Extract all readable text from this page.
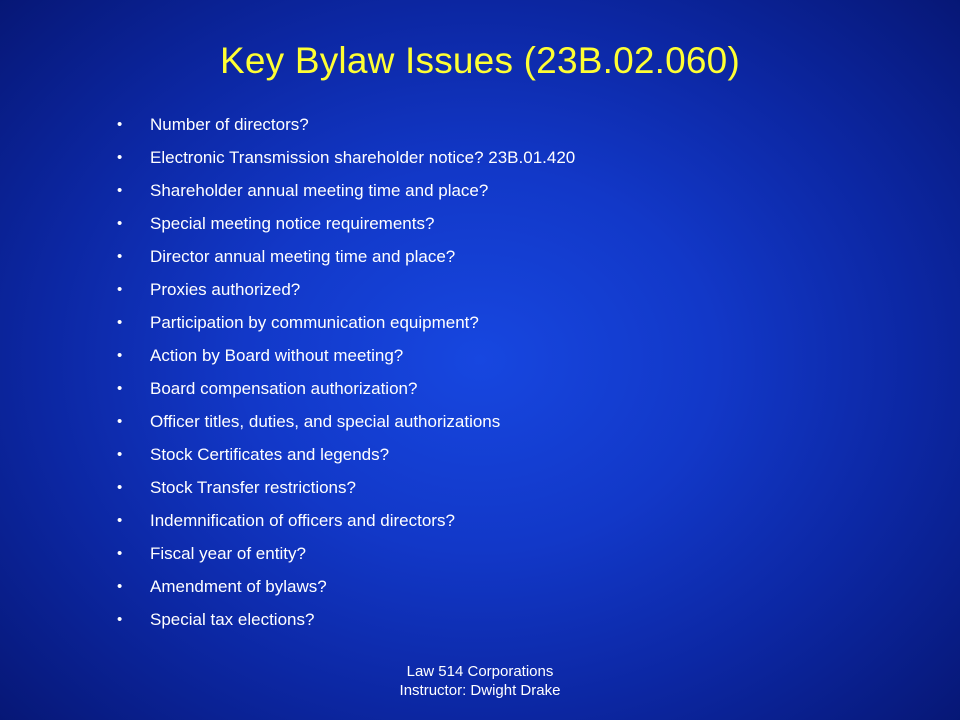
Key Bylaw Issues (23B.02.060)
•	Number of directors?
•	Electronic Transmission shareholder notice? 23B.01.420
•	Shareholder annual meeting time and place?
•	Special meeting notice requirements?
•	Director annual meeting time and place?
•	Proxies authorized?
•	Participation by communication equipment?
•	Action by Board without meeting?
•	Board compensation authorization?
•	Officer titles, duties, and special authorizations
•	Stock Certificates and legends?
•	Stock Transfer restrictions?
•	Indemnification of officers and directors?
•	Fiscal year of entity?
•	Amendment of bylaws?
•	Special tax elections?
Law 514 Corporations
Instructor: Dwight Drake
